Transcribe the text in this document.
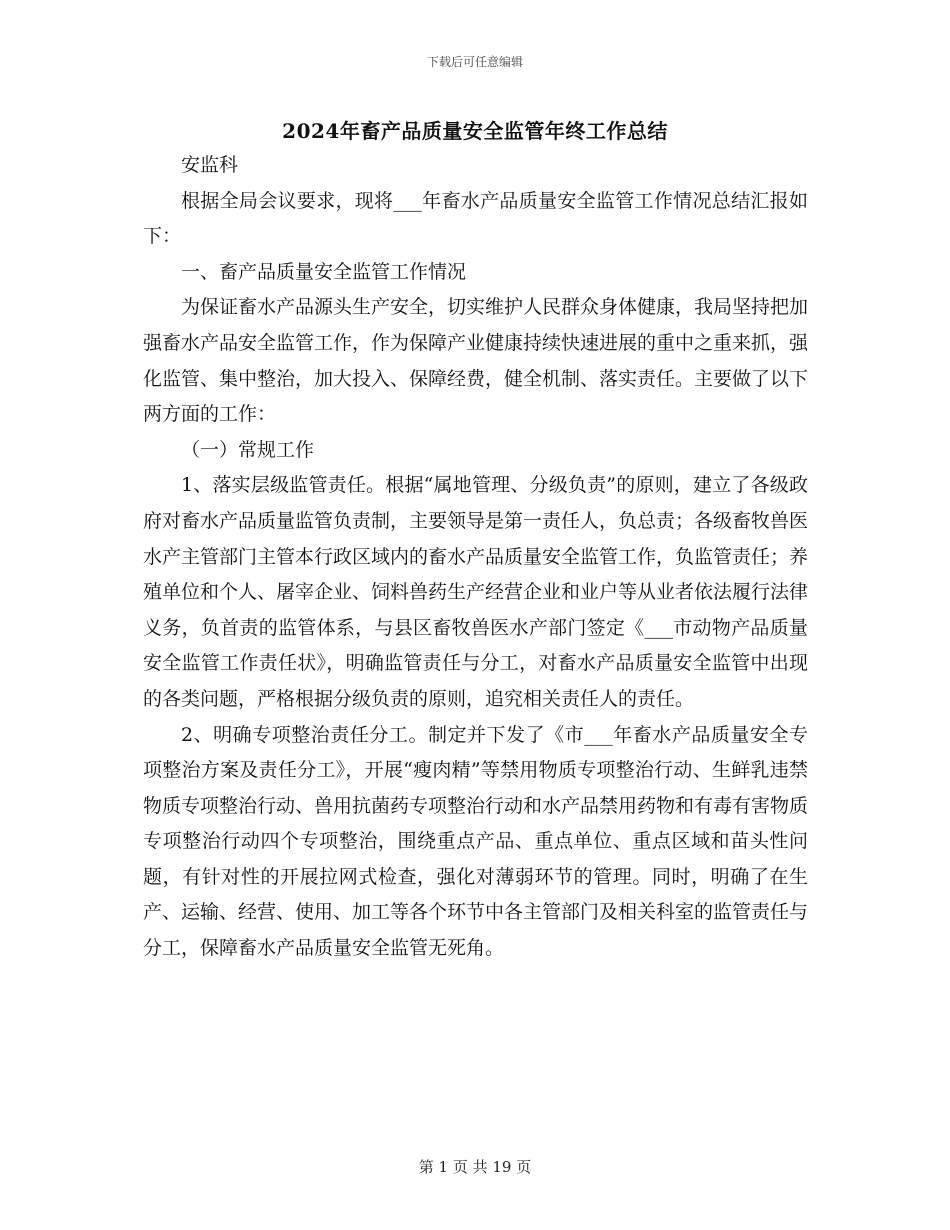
下载后可任意编辑
2024年畜产品质量安全监管年终工作总结

安监科

根据全局会议要求，现将___年畜水产品质量安全监管工作情况总结汇报如下：

一、畜产品质量安全监管工作情况

为保证畜水产品源头生产安全，切实维护人民群众身体健康，我局坚持把加强畜水产品安全监管工作，作为保障产业健康持续快速进展的重中之重来抓，强化监管、集中整治，加大投入、保障经费，健全机制、落实责任。主要做了以下两方面的工作：

（一）常规工作

1、落实层级监管责任。根据“属地管理、分级负责”的原则，建立了各级政府对畜水产品质量监管负责制，主要领导是第一责任人，负总责；各级畜牧兽医水产主管部门主管本行政区域内的畜水产品质量安全监管工作，负监管责任；养殖单位和个人、屠宰企业、饲料兽药生产经营企业和业户等从业者依法履行法律义务，负首责的监管体系，与县区畜牧兽医水产部门签定《___市动物产品质量安全监管工作责任状》，明确监管责任与分工，对畜水产品质量安全监管中出现的各类问题，严格根据分级负责的原则，追究相关责任人的责任。

2、明确专项整治责任分工。制定并下发了《市___年畜水产品质量安全专项整治方案及责任分工》，开展“瘦肉精”等禁用物质专项整治行动、生鲜乳违禁物质专项整治行动、兽用抗菌药专项整治行动和水产品禁用药物和有毒有害物质专项整治行动四个专项整治，围绕重点产品、重点单位、重点区域和苗头性问题，有针对性的开展拉网式检查，强化对薄弱环节的管理。同时，明确了在生产、运输、经营、使用、加工等各个环节中各主管部门及相关科室的监管责任与分工，保障畜水产品质量安全监管无死角。

第 1 页 共 19 页
